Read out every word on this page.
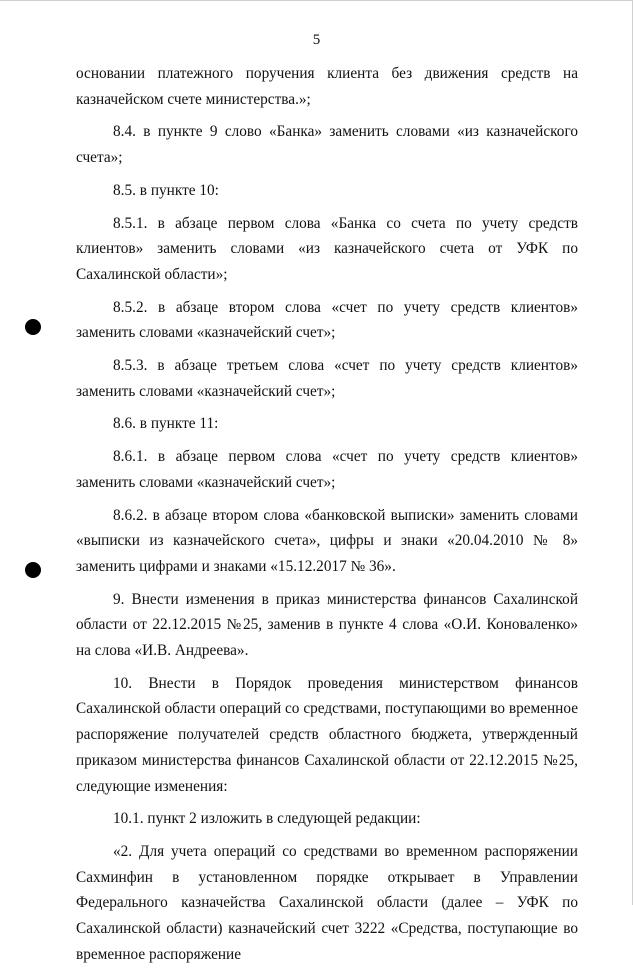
5

основании платежного поручения клиента без движения средств на казначейском счете министерства.»;

8.4. в пункте 9 слово «Банка» заменить словами «из казначейского счета»;

8.5. в пункте 10:

8.5.1. в абзаце первом слова «Банка со счета по учету средств клиентов» заменить словами «из казначейского счета от УФК по Сахалинской области»;

8.5.2. в абзаце втором слова «счет по учету средств клиентов» заменить словами «казначейский счет»;

8.5.3. в абзаце третьем слова «счет по учету средств клиентов» заменить словами «казначейский счет»;

8.6. в пункте 11:

8.6.1. в абзаце первом слова «счет по учету средств клиентов» заменить словами «казначейский счет»;

8.6.2. в абзаце втором слова «банковской выписки» заменить словами «выписки из казначейского счета», цифры и знаки «20.04.2010 № 8» заменить цифрами и знаками «15.12.2017 № 36».

9. Внести изменения в приказ министерства финансов Сахалинской области от 22.12.2015 №25, заменив в пункте 4 слова «О.И. Коноваленко» на слова «И.В. Андреева».

10. Внести в Порядок проведения министерством финансов Сахалинской области операций со средствами, поступающими во временное распоряжение получателей средств областного бюджета, утвержденный приказом министерства финансов Сахалинской области от 22.12.2015 №25, следующие изменения:

10.1. пункт 2 изложить в следующей редакции:

«2. Для учета операций со средствами во временном распоряжении Сахминфин в установленном порядке открывает в Управлении Федерального казначейства Сахалинской области (далее – УФК по Сахалинской области) казначейский счет 3222 «Средства, поступающие во временное распоряжение
